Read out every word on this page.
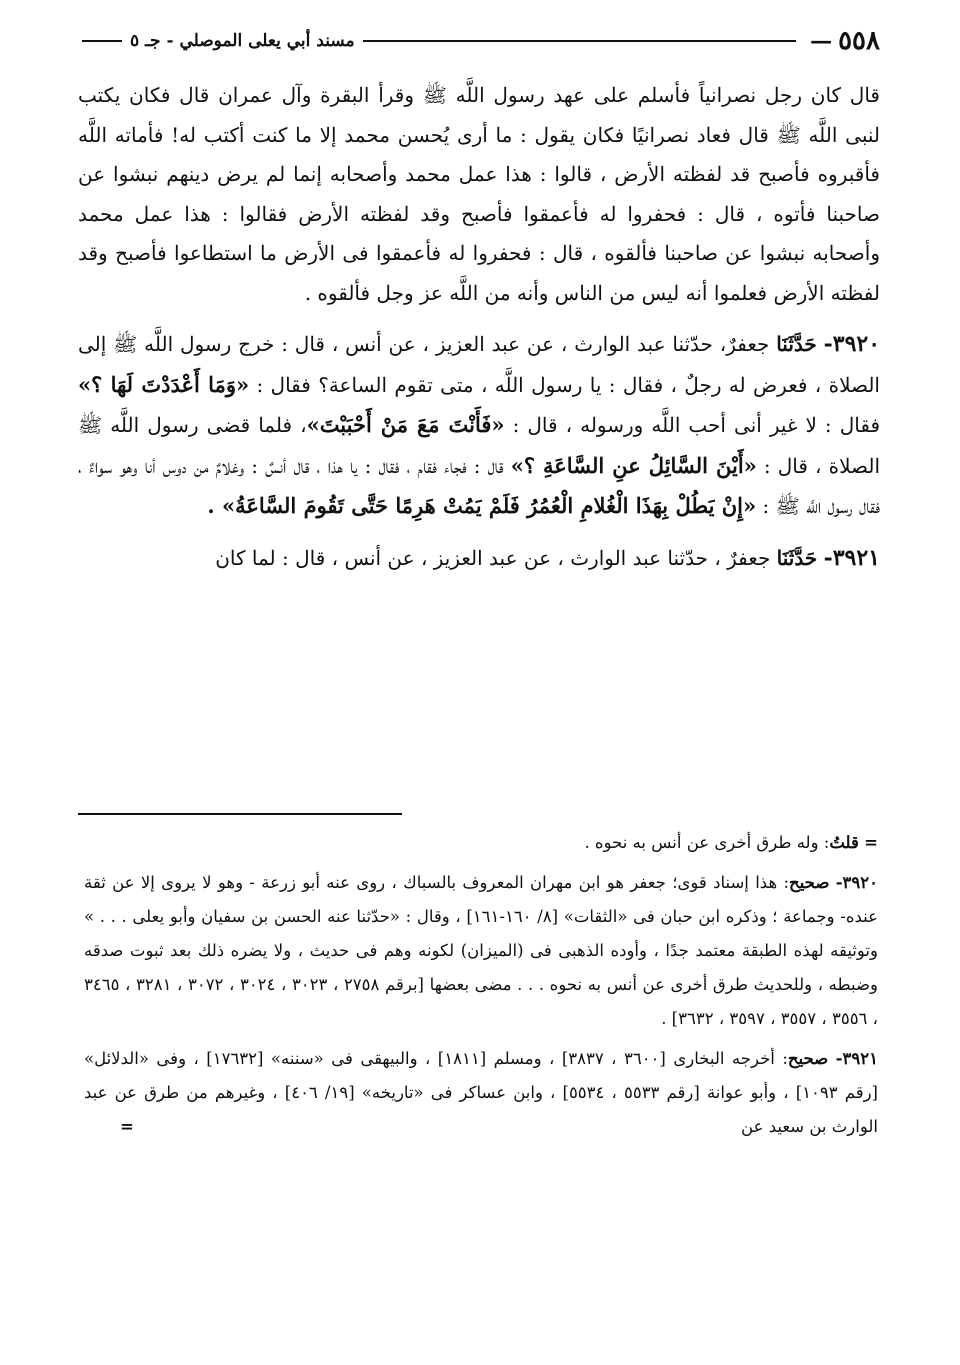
٥٥٨
—
مسند أبي يعلى الموصلي - جـ ٥

قال كان رجل نصرانياً فأسلم على عهد رسول اللَّه ﷺ وقرأ البقرة وآل عمران قال فكان يكتب لنبى اللَّه ﷺ قال فعاد نصرانيًا فكان يقول : ما أرى يُحسن محمد إلا ما كنت أكتب له! فأماته اللَّه فأقبروه فأصبح قد لفظته الأرض ، قالوا : هذا عمل محمد وأصحابه إنما لم يرض دينهم نبشوا عن صاحبنا فأتوه ، قال : فحفروا له فأعمقوا فأصبح وقد لفظته الأرض فقالوا : هذا عمل محمد وأصحابه نبشوا عن صاحبنا فألقوه ، قال : فحفروا له فأعمقوا فى الأرض ما استطاعوا فأصبح وقد لفظته الأرض فعلموا أنه ليس من الناس وأنه من اللَّه عز وجل فألقوه .

٣٩٢٠- حَدَّثَنَا جعفرٌ، حدّثنا عبد الوارث ، عن عبد العزيز ، عن أنس ، قال : خرج رسول اللَّه ﷺ إلى الصلاة ، فعرض له رجلٌ ، فقال : يا رسول اللَّه ، متى تقوم الساعة؟ فقال : «وَمَا أَعْدَدْتَ لَهَا ؟» فقال : لا غير أنى أحب اللَّه ورسوله ، قال : «فَأَنْتَ مَعَ مَنْ أَحْبَبْتَ»، فلما قضى رسول اللَّه ﷺ الصلاة ، قال : «أَيْنَ السَّائِلُ عنِ السَّاعَةِ ؟» قال : فجاء فقام ، فقال : يا هذا ، قال أنسٌ : وغلامٌ من دوس أنا وهو سواءٌ ، فقال رسول اللَّه ﷺ : «إِنْ يَطُلْ بِهَذَا الْغُلامِ الْعُمُرُ فَلَمْ يَمُتْ هَرِمًا حَتَّى تَقُومَ السَّاعَةُ» .

٣٩٢١- حَدَّثَنَا جعفرٌ ، حدّثنا عبد الوارث ، عن عبد العزيز ، عن أنس ، قال : لما كان

= قلتُ: وله طرق أخرى عن أنس به نحوه .

٣٩٢٠- صحيح: هذا إسناد قوى؛ جعفر هو ابن مهران المعروف بالسباك ، روى عنه أبو زرعة - وهو لا يروى إلا عن ثقة عنده- وجماعة ؛ وذكره ابن حبان فى «الثقات» [٨/ ١٦٠-١٦١] ، وقال : «حدّثنا عنه الحسن بن سفيان وأبو يعلى . . . » وتوثيقه لهذه الطبقة معتمد جدًا ، وأوده الذهبى فى (الميزان) لكونه وهم فى حديث ، ولا يضره ذلك بعد ثبوت صدقه وضبطه ، وللحديث طرق أخرى عن أنس به نحوه . . . مضى بعضها [برقم ٢٧٥٨ ، ٣٠٢٣ ، ٣٠٢٤ ، ٣٠٧٢ ، ٣٢٨١ ، ٣٤٦٥ ، ٣٥٥٦ ، ٣٥٥٧ ، ٣٥٩٧ ، ٣٦٣٢] .

٣٩٢١- صحيح: أخرجه البخارى [٣٦٠٠ ، ٣٨٣٧] ، ومسلم [١٨١١] ، والبيهقى فى «سننه» [١٧٦٣٢] ، وفى «الدلائل» [رقم ١٠٩٣] ، وأبو عوانة [رقم ٥٥٣٣ ، ٥٥٣٤] ، وابن عساكر فى «تاريخه» [١٩/ ٤٠٦] ، وغيرهم من طرق عن عبد الوارث بن سعيد عن
=
